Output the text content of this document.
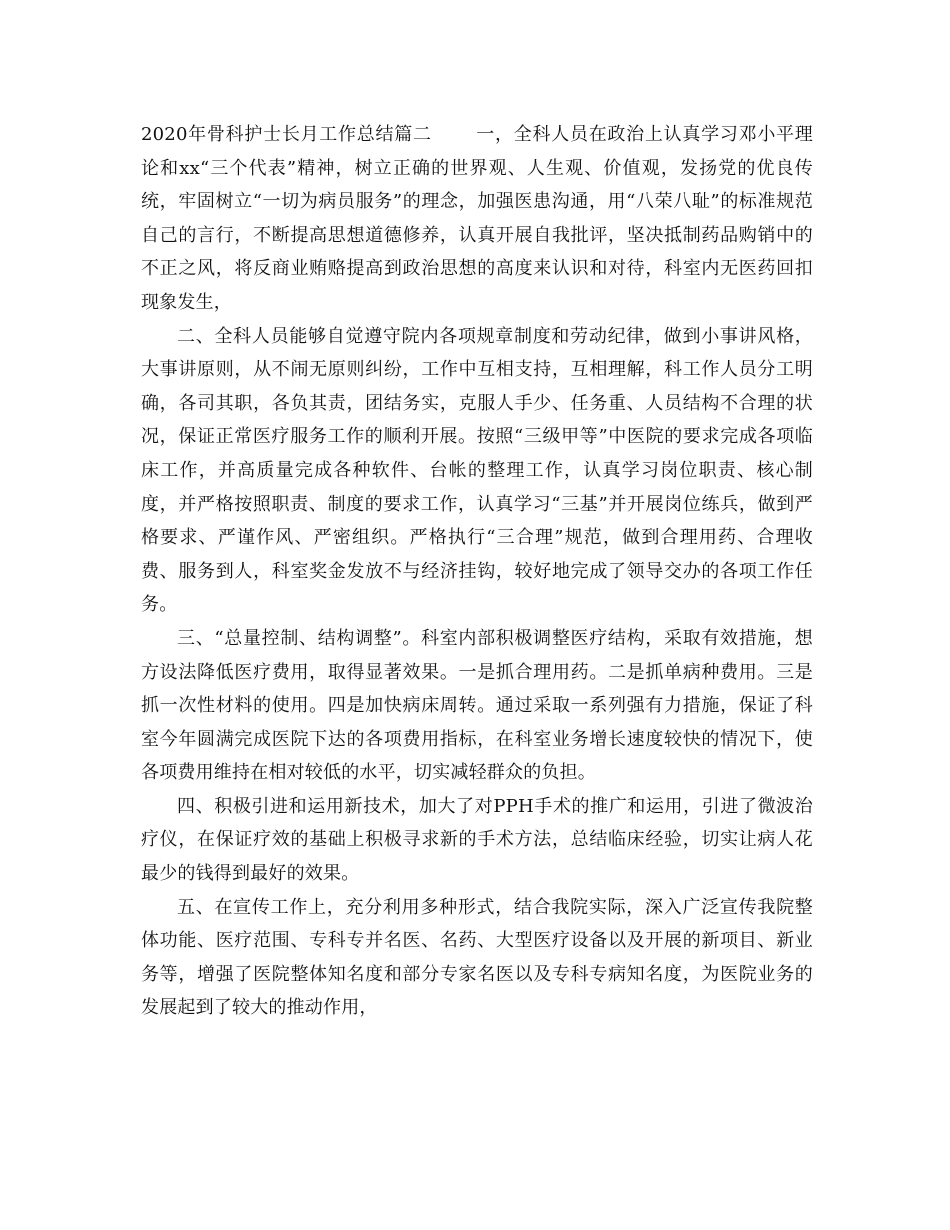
2020年骨科护士长月工作总结篇二 一，全科人员在政治上认真学习邓小平理论和xx“三个代表”精神，树立正确的世界观、人生观、价值观，发扬党的优良传统，牢固树立“一切为病员服务”的理念，加强医患沟通，用“八荣八耻”的标准规范自己的言行，不断提高思想道德修养，认真开展自我批评，坚决抵制药品购销中的不正之风，将反商业贿赂提高到政治思想的高度来认识和对待，科室内无医药回扣现象发生，

二、全科人员能够自觉遵守院内各项规章制度和劳动纪律，做到小事讲风格，大事讲原则，从不闹无原则纠纷，工作中互相支持，互相理解，科工作人员分工明确，各司其职，各负其责，团结务实，克服人手少、任务重、人员结构不合理的状况，保证正常医疗服务工作的顺利开展。按照“三级甲等”中医院的要求完成各项临床工作，并高质量完成各种软件、台帐的整理工作，认真学习岗位职责、核心制度，并严格按照职责、制度的要求工作，认真学习“三基”并开展岗位练兵，做到严格要求、严谨作风、严密组织。严格执行“三合理”规范，做到合理用药、合理收费、服务到人，科室奖金发放不与经济挂钩，较好地完成了领导交办的各项工作任务。

三、“总量控制、结构调整”。科室内部积极调整医疗结构，采取有效措施，想方设法降低医疗费用，取得显著效果。一是抓合理用药。二是抓单病种费用。三是抓一次性材料的使用。四是加快病床周转。通过采取一系列强有力措施，保证了科室今年圆满完成医院下达的各项费用指标，在科室业务增长速度较快的情况下，使各项费用维持在相对较低的水平，切实减轻群众的负担。

四、积极引进和运用新技术，加大了对PPH手术的推广和运用，引进了微波治疗仪，在保证疗效的基础上积极寻求新的手术方法，总结临床经验，切实让病人花最少的钱得到最好的效果。

五、在宣传工作上，充分利用多种形式，结合我院实际，深入广泛宣传我院整体功能、医疗范围、专科专并名医、名药、大型医疗设备以及开展的新项目、新业务等，增强了医院整体知名度和部分专家名医以及专科专病知名度，为医院业务的发展起到了较大的推动作用，
